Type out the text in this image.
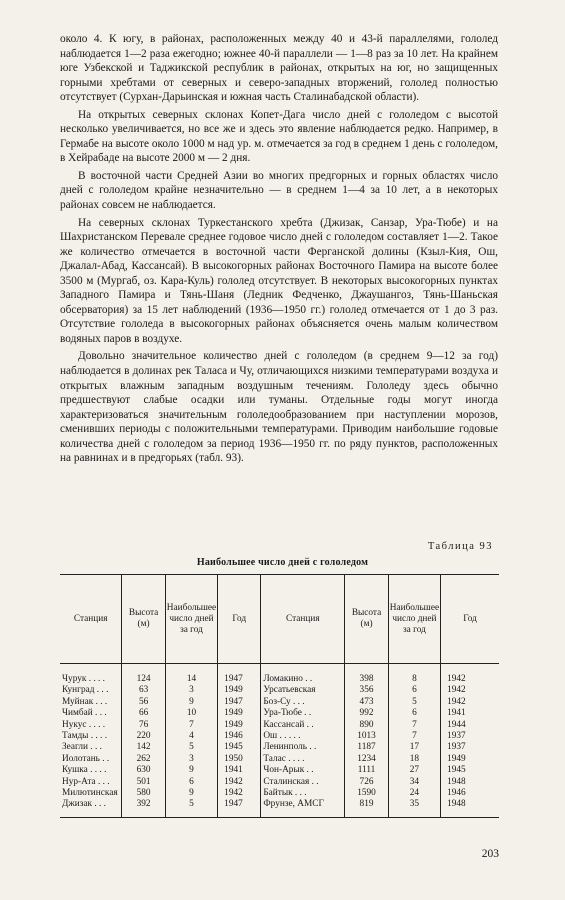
около 4. К югу, в районах, расположенных между 40 и 43-й параллелями, гололед наблюдается 1—2 раза ежегодно; южнее 40-й параллели — 1—8 раз за 10 лет. На крайнем юге Узбекской и Таджикской республик в районах, открытых на юг, но защищенных горными хребтами от северных и северо-западных вторжений, гололед полностью отсутствует (Сурхан-Дарьинская и южная часть Сталинабадской области).

На открытых северных склонах Копет-Дага число дней с гололедом с высотой несколько увеличивается, но все же и здесь это явление наблюдается редко. Например, в Гермабе на высоте около 1000 м над ур. м. отмечается за год в среднем 1 день с гололедом, в Хейрабаде на высоте 2000 м — 2 дня.

В восточной части Средней Азии во многих предгорных и горных областях число дней с гололедом крайне незначительно — в среднем 1—4 за 10 лет, а в некоторых районах совсем не наблюдается.

На северных склонах Туркестанского хребта (Джизак, Санзар, Ура-Тюбе) и на Шахристанском Перевале среднее годовое число дней с гололедом составляет 1—2. Такое же количество отмечается в восточной части Ферганской долины (Кзыл-Кия, Ош, Джалал-Абад, Кассансай). В высокогорных районах Восточного Памира на высоте более 3500 м (Мургаб, оз. Кара-Куль) гололед отсутствует. В некоторых высокогорных пунктах Западного Памира и Тянь-Шаня (Ледник Федченко, Джаушангоз, Тянь-Шаньская обсерватория) за 15 лет наблюдений (1936—1950 гг.) гололед отмечается от 1 до 3 раз. Отсутствие гололеда в высокогорных районах объясняется очень малым количеством водяных паров в воздухе.

Довольно значительное количество дней с гололедом (в среднем 9—12 за год) наблюдается в долинах рек Таласа и Чу, отличающихся низкими температурами воздуха и открытых влажным западным воздушным течениям. Гололеду здесь обычно предшествуют слабые осадки или туманы. Отдельные годы могут иногда характеризоваться значительным гололедообразованием при наступлении морозов, сменивших периоды с положительными температурами. Приводим наибольшие годовые количества дней с гололедом за период 1936—1950 гг. по ряду пунктов, расположенных на равнинах и в предгорьях (табл. 93).

Таблица 93
Наибольшее число дней с гололедом
Станция	Высота (м)	Наибольшее число дней за год	Год	Станция	Высота (м)	Наибольшее число дней за год	Год

Чурук . . . .	124	14	1947	Ломакино . .	398	8	1942
Кунград . . .	63	3	1949	Урсатьевская	356	6	1942
Муйнак . . .	56	9	1947	Боз-Су . . .	473	5	1942
Чимбай . . .	66	10	1949	Ура-Тюбе . .	992	6	1941
Нукус . . . .	76	7	1949	Кассансай . .	890	7	1944
Тамды . . . .	220	4	1946	Ош . . . . .	1013	7	1937
Зеагли . . .	142	5	1945	Ленинполь . .	1187	17	1937
Иолотань . .	262	3	1950	Талас . . . .	1234	18	1949
Кушка . . . .	630	9	1941	Чон-Арык . .	1111	27	1945
Нур-Ата . . .	501	6	1942	Сталинская . .	726	34	1948
Милютинская	580	9	1942	Байтык . . .	1590	24	1946
Джизак . . .	392	5	1947	Фрунзе, АМСГ	819	35	1948
203
